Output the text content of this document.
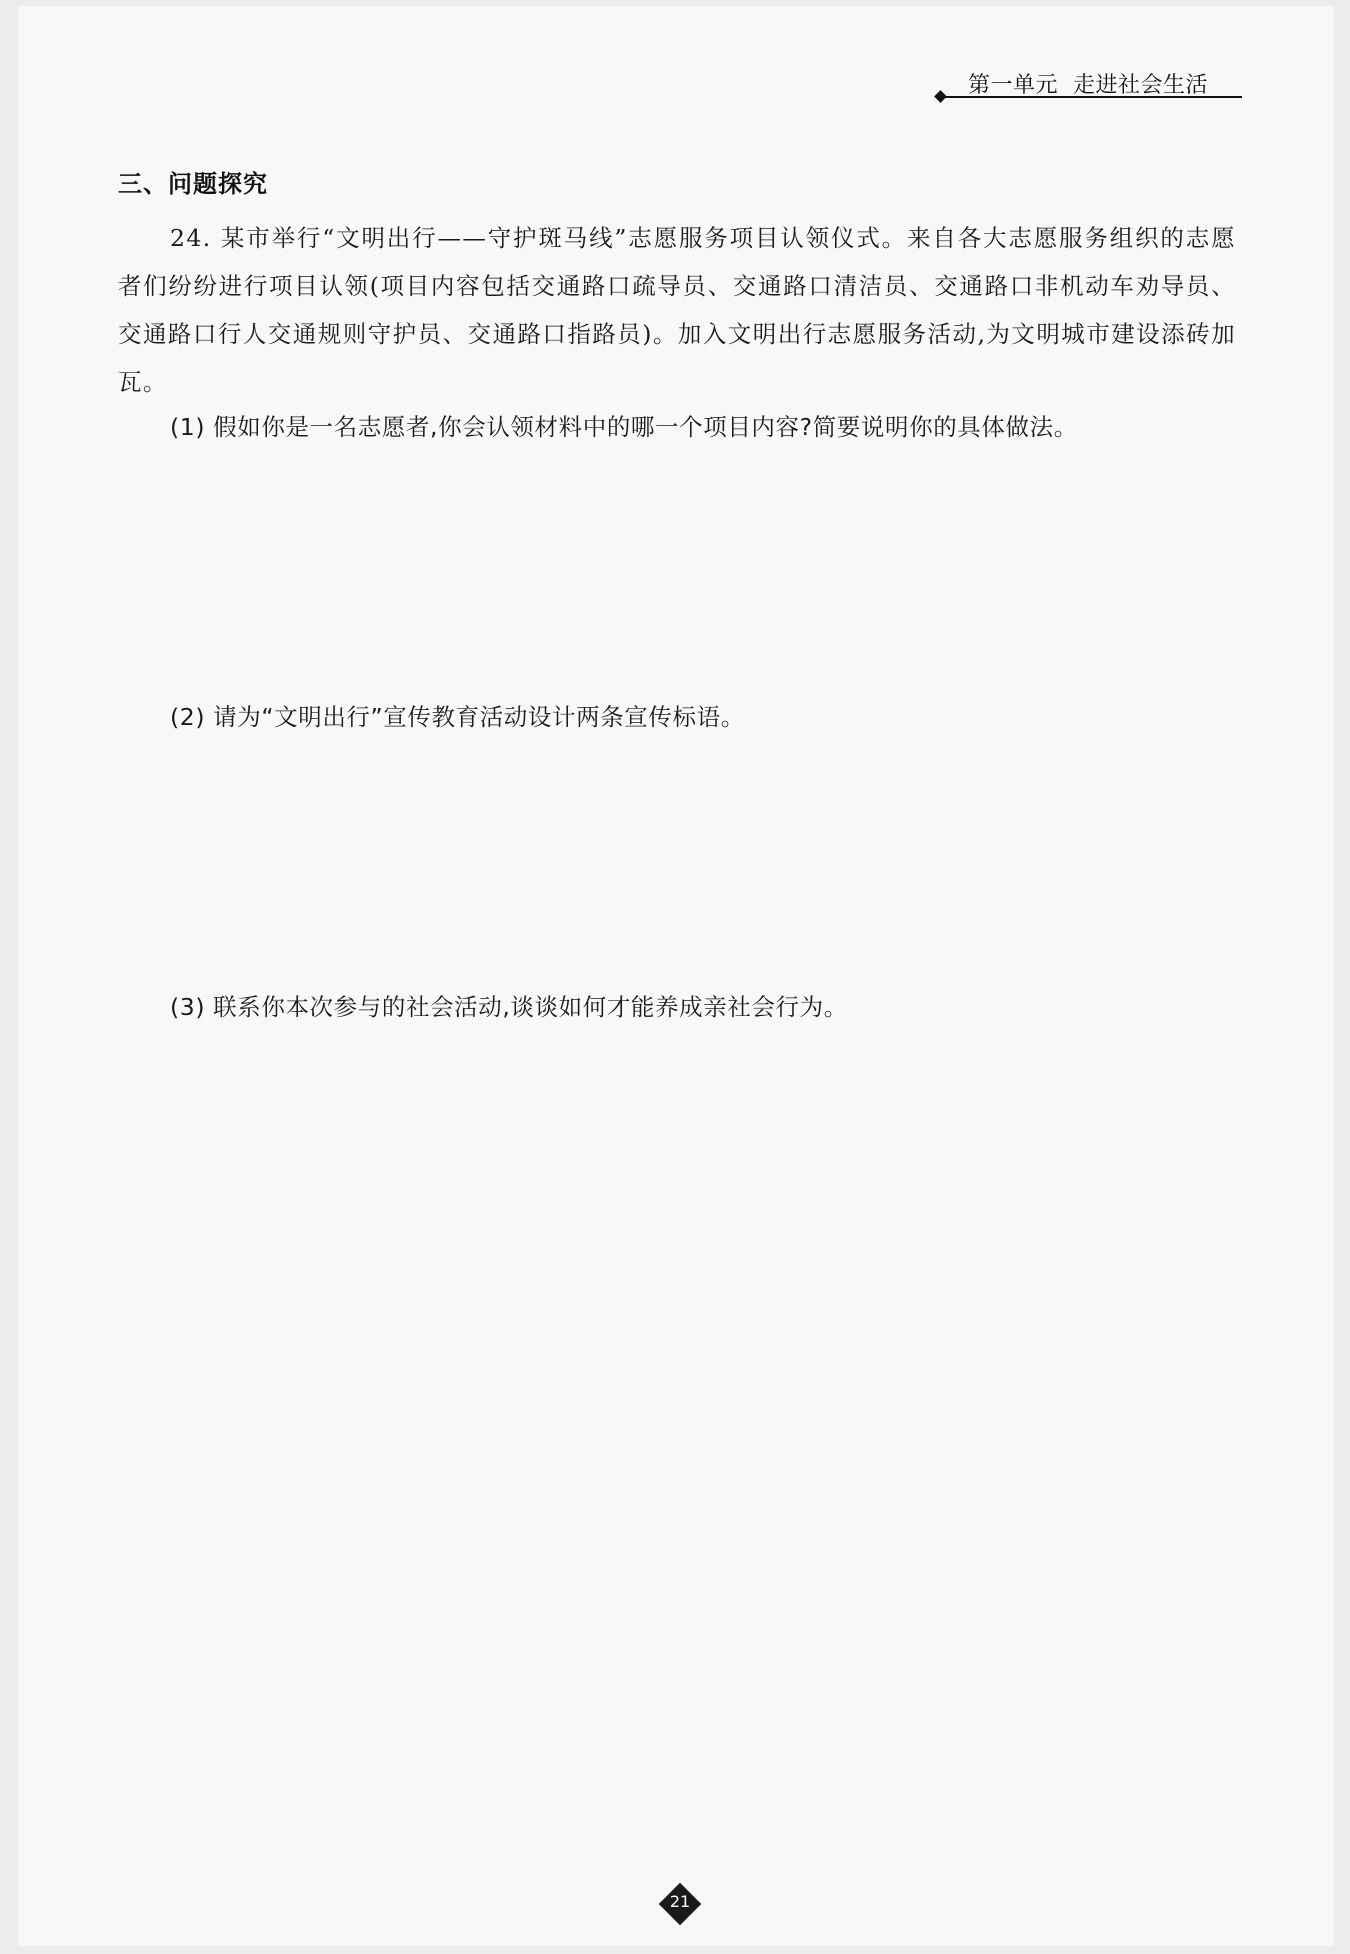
第一单元  走进社会生活
三、问题探究
24. 某市举行“文明出行——守护斑马线”志愿服务项目认领仪式。来自各大志愿服务组织的志愿者们纷纷进行项目认领(项目内容包括交通路口疏导员、交通路口清洁员、交通路口非机动车劝导员、交通路口行人交通规则守护员、交通路口指路员)。加入文明出行志愿服务活动,为文明城市建设添砖加瓦。
(1) 假如你是一名志愿者,你会认领材料中的哪一个项目内容?简要说明你的具体做法。
(2) 请为“文明出行”宣传教育活动设计两条宣传标语。
(3) 联系你本次参与的社会活动,谈谈如何才能养成亲社会行为。
21
